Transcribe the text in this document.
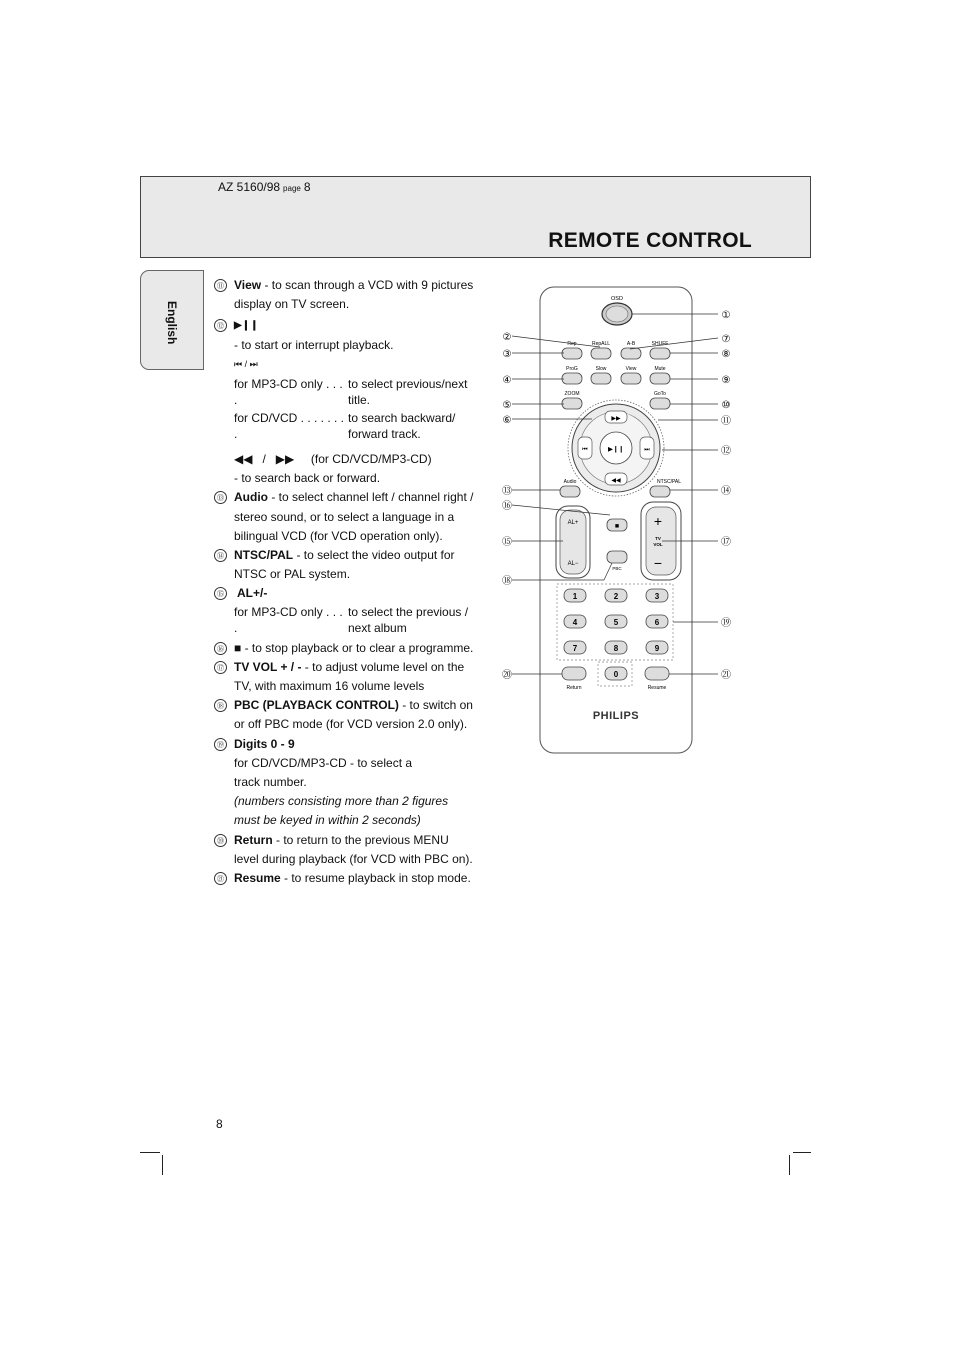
AZ 5160/98 page 8
REMOTE CONTROL
English
⑪ View - to scan through a VCD with 9 pictures display on TV screen.
⑫	▶❙❙
- to start or interrupt playback.
⏮ / ⏭
for MP3-CD only . . . .
to select previous/next title.
for CD/VCD . . . . . . . .
to search backward/ forward track.
◀◀   /   ▶▶     (for CD/VCD/MP3-CD)
- to search back or forward.
⑬ Audio - to select channel left / channel right / stereo sound, or to select a language in a bilingual VCD (for VCD operation only).
⑭ NTSC/PAL - to select the video output for NTSC or PAL system.
⑮ AL+/-
for MP3-CD only . . . .
to select the previous / next album
⑯ ■ - to stop playback or to clear a programme.
⑰ TV VOL + / - - to adjust volume level on the TV, with maximum 16 volume levels
⑱ PBC (PLAYBACK CONTROL) - to switch on or off PBC mode (for VCD version 2.0 only).
⑲ Digits 0 - 9
for CD/VCD/MP3-CD - to select a
track number.
(numbers consisting more than 2 figures must be keyed in within 2 seconds)
⑳ Return - to return to the previous MENU level during playback (for VCD with PBC on).
㉑ Resume - to resume playback in stop mode.
8
OSD
Rep	RepALL	A-B	SHUFF
ProG	Slow	View	Mute
ZOOM	GoTo
▶▶
◀◀
⏮	⏭
▶❙❙
Audio	NTSC/PAL
AL+
AL−
■
PBC
+
TV
VOL
−
1	2	3
4	5	6
7	8	9
0
Return	Resume
PHILIPS
①
②
③
④
⑤
⑥
⑦
⑧
⑨
⑩
⑪
⑫
⑬	⑭
⑮
⑯
⑰
⑱
⑲
⑳	㉑
